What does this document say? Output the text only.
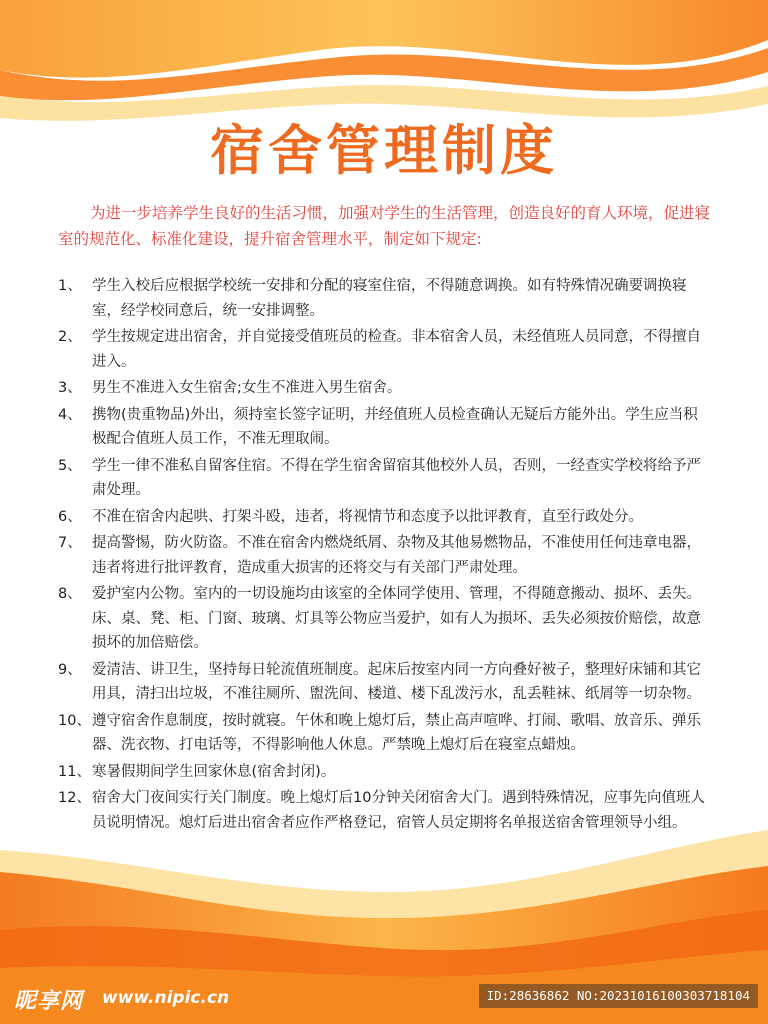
宿舍管理制度
为进一步培养学生良好的生活习惯，加强对学生的生活管理，创造良好的育人环境，促进寝室的规范化、标准化建设，提升宿舍管理水平，制定如下规定:
1、 学生入校后应根据学校统一安排和分配的寝室住宿，不得随意调换。如有特殊情况确要调换寝室，经学校同意后，统一安排调整。
2、 学生按规定进出宿舍，并自觉接受值班员的检查。非本宿舍人员，未经值班人员同意，不得擅自进入。
3、 男生不准进入女生宿舍;女生不准进入男生宿舍。
4、 携物(贵重物品)外出，须持室长签字证明，并经值班人员检查确认无疑后方能外出。学生应当积极配合值班人员工作，不准无理取闹。
5、 学生一律不准私自留客住宿。不得在学生宿舍留宿其他校外人员，否则，一经查实学校将给予严肃处理。
6、 不准在宿舍内起哄、打架斗殴，违者，将视情节和态度予以批评教育，直至行政处分。
7、 提高警惕，防火防盗。不准在宿舍内燃烧纸屑、杂物及其他易燃物品，不准使用任何违章电器，违者将进行批评教育，造成重大损害的还将交与有关部门严肃处理。
8、 爱护室内公物。室内的一切设施均由该室的全体同学使用、管理，不得随意搬动、损坏、丢失。床、桌、凳、柜、门窗、玻璃、灯具等公物应当爱护，如有人为损坏、丢失必须按价赔偿，故意损坏的加倍赔偿。
9、 爱清洁、讲卫生，坚持每日轮流值班制度。起床后按室内同一方向叠好被子，整理好床铺和其它用具，清扫出垃圾，不准往厕所、盥洗间、楼道、楼下乱泼污水，乱丢鞋袜、纸屑等一切杂物。
10、 遵守宿舍作息制度，按时就寝。午休和晚上熄灯后，禁止高声喧哗、打闹、歌唱、放音乐、弹乐器、洗衣物、打电话等，不得影响他人休息。严禁晚上熄灯后在寝室点蜡烛。
11、 寒暑假期间学生回家休息(宿舍封闭)。
12、 宿舍大门夜间实行关门制度。晚上熄灯后10分钟关闭宿舍大门。遇到特殊情况，应事先向值班人员说明情况。熄灯后进出宿舍者应作严格登记，宿管人员定期将名单报送宿舍管理领导小组。
昵享网 www.nipic.cn	ID:28636862 NO:20231016100303718104
